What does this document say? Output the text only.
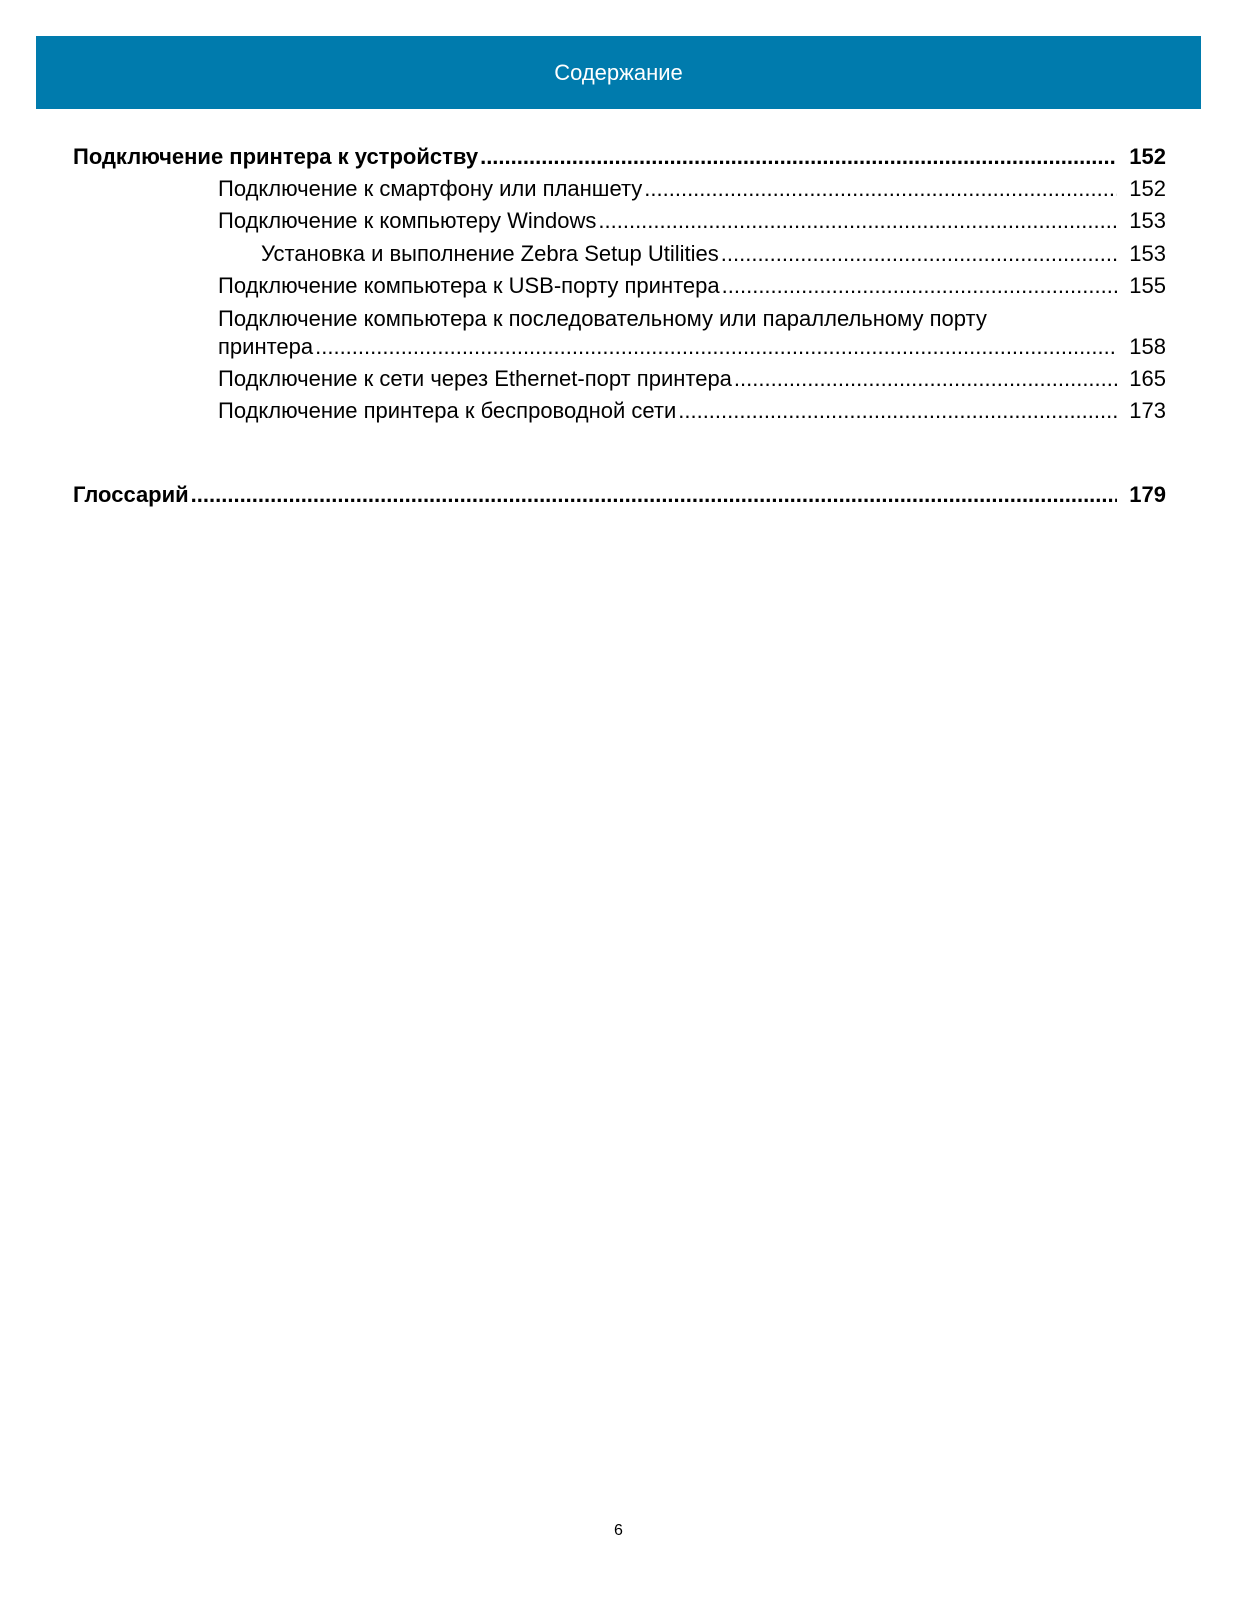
Содержание
Подключение принтера к устройству .....	152
Подключение к смартфону или планшету .....	152
Подключение к компьютеру Windows .....	153
Установка и выполнение Zebra Setup Utilities .....	153
Подключение компьютера к USB-порту принтера .....	155
Подключение компьютера к последовательному или параллельному порту
принтера .....	158
Подключение к сети через Ethernet-порт принтера .....	165
Подключение принтера к беспроводной сети .....	173
Глоссарий .....	179
6
